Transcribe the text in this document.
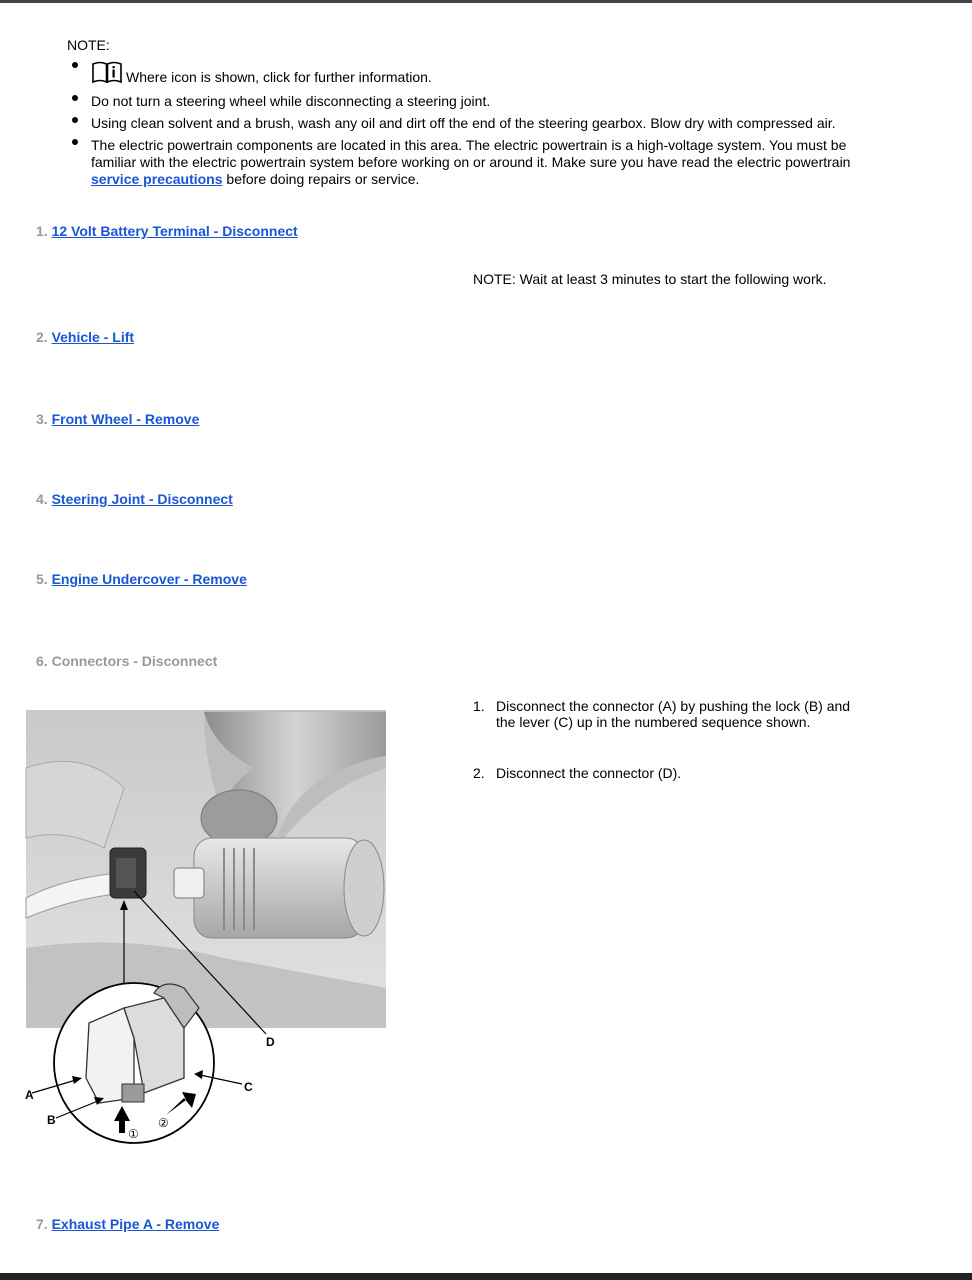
NOTE:
Where icon is shown, click for further information.
Do not turn a steering wheel while disconnecting a steering joint.
Using clean solvent and a brush, wash any oil and dirt off the end of the steering gearbox. Blow dry with compressed air.
The electric powertrain components are located in this area. The electric powertrain is a high-voltage system. You must be familiar with the electric powertrain system before working on or around it. Make sure you have read the electric powertrain service precautions before doing repairs or service.
1. 12 Volt Battery Terminal - Disconnect
NOTE: Wait at least 3 minutes to start the following work.
2. Vehicle - Lift
3. Front Wheel - Remove
4. Steering Joint - Disconnect
5. Engine Undercover - Remove
6. Connectors - Disconnect
1. Disconnect the connector (A) by pushing the lock (B) and the lever (C) up in the numbered sequence shown.
2. Disconnect the connector (D).
D
C
A
B
①
②
7. Exhaust Pipe A - Remove
